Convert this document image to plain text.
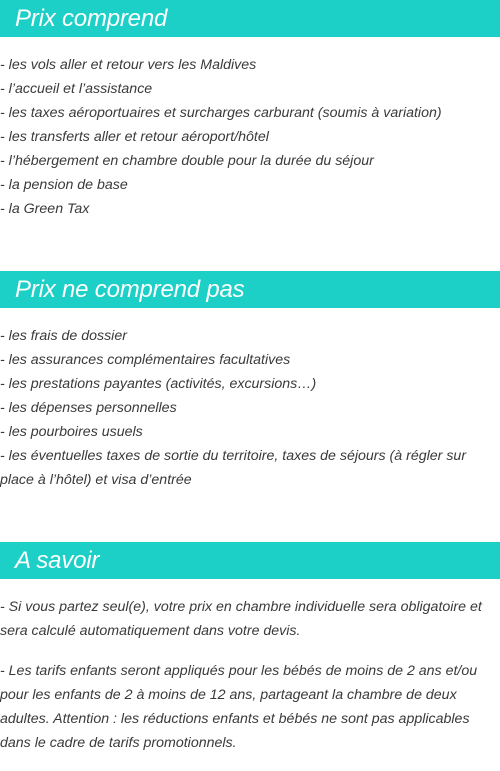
Prix comprend
- les vols aller et retour vers les Maldives
- l’accueil et l’assistance
- les taxes aéroportuaires et surcharges carburant (soumis à variation)
- les transferts aller et retour aéroport/hôtel
- l’hébergement en chambre double pour la durée du séjour
- la pension de base
- la Green Tax
Prix ne comprend pas
- les frais de dossier
- les assurances complémentaires facultatives
- les prestations payantes (activités, excursions…)
- les dépenses personnelles
- les pourboires usuels
- les éventuelles taxes de sortie du territoire, taxes de séjours (à régler sur place à l’hôtel) et visa d’entrée
A savoir

- Si vous partez seul(e), votre prix en chambre individuelle sera obligatoire et sera calculé automatiquement dans votre devis.

- Les tarifs enfants seront appliqués pour les bébés de moins de 2 ans et/ou pour les enfants de 2 à moins de 12 ans, partageant la chambre de deux adultes. Attention : les réductions enfants et bébés ne sont pas applicables dans le cadre de tarifs promotionnels.
